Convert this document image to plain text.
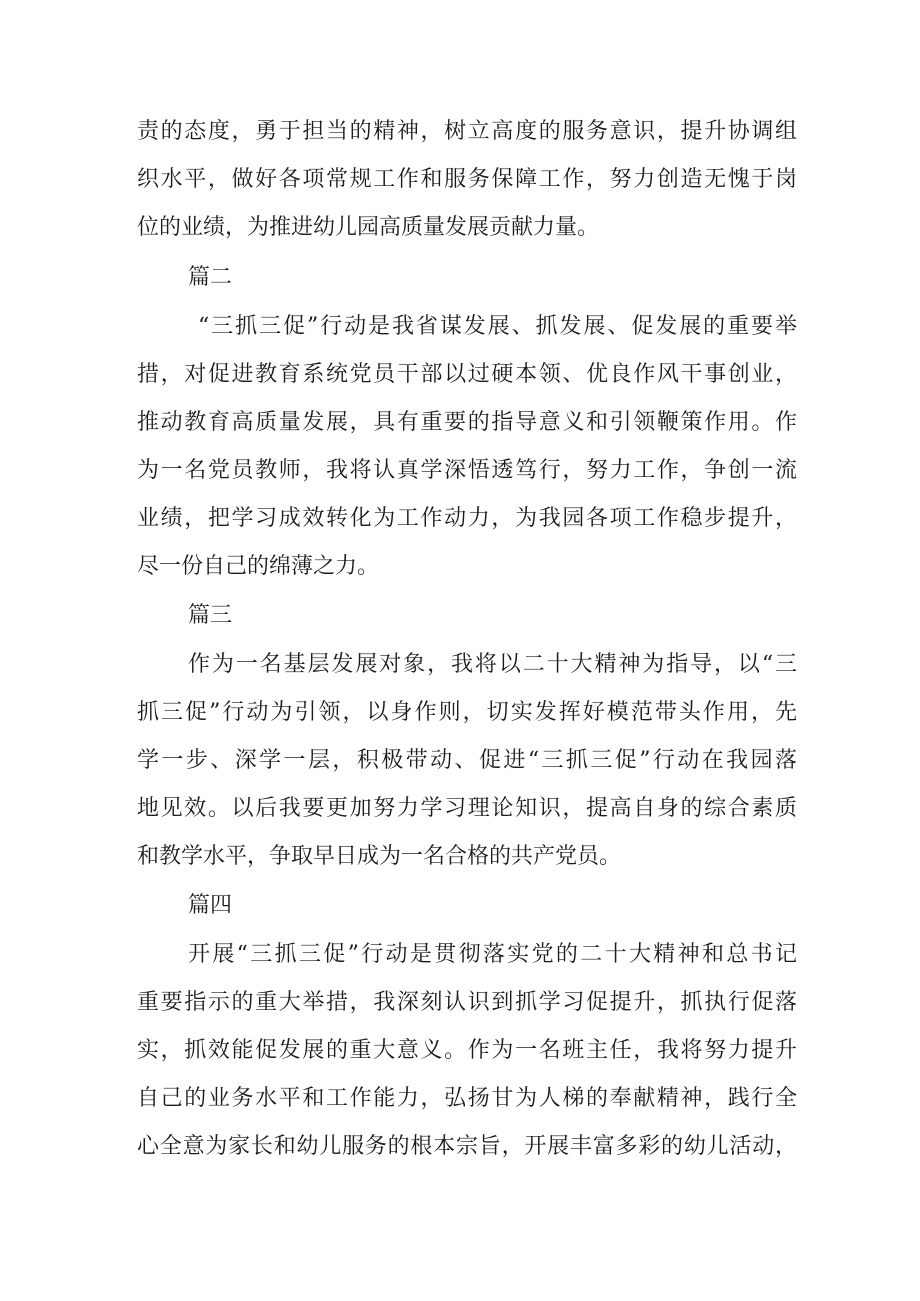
责的态度，勇于担当的精神，树立高度的服务意识，提升协调组
织水平，做好各项常规工作和服务保障工作，努力创造无愧于岗
位的业绩，为推进幼儿园高质量发展贡献力量。
篇二
“三抓三促”行动是我省谋发展、抓发展、促发展的重要举
措，对促进教育系统党员干部以过硬本领、优良作风干事创业，
推动教育高质量发展，具有重要的指导意义和引领鞭策作用。作
为一名党员教师，我将认真学深悟透笃行，努力工作，争创一流
业绩，把学习成效转化为工作动力，为我园各项工作稳步提升，
尽一份自己的绵薄之力。
篇三
作为一名基层发展对象，我将以二十大精神为指导，以“三
抓三促”行动为引领，以身作则，切实发挥好模范带头作用，先
学一步、深学一层，积极带动、促进“三抓三促”行动在我园落
地见效。以后我要更加努力学习理论知识，提高自身的综合素质
和教学水平，争取早日成为一名合格的共产党员。
篇四
开展“三抓三促”行动是贯彻落实党的二十大精神和总书记
重要指示的重大举措，我深刻认识到抓学习促提升，抓执行促落
实，抓效能促发展的重大意义。作为一名班主任，我将努力提升
自己的业务水平和工作能力，弘扬甘为人梯的奉献精神，践行全
心全意为家长和幼儿服务的根本宗旨，开展丰富多彩的幼儿活动，
